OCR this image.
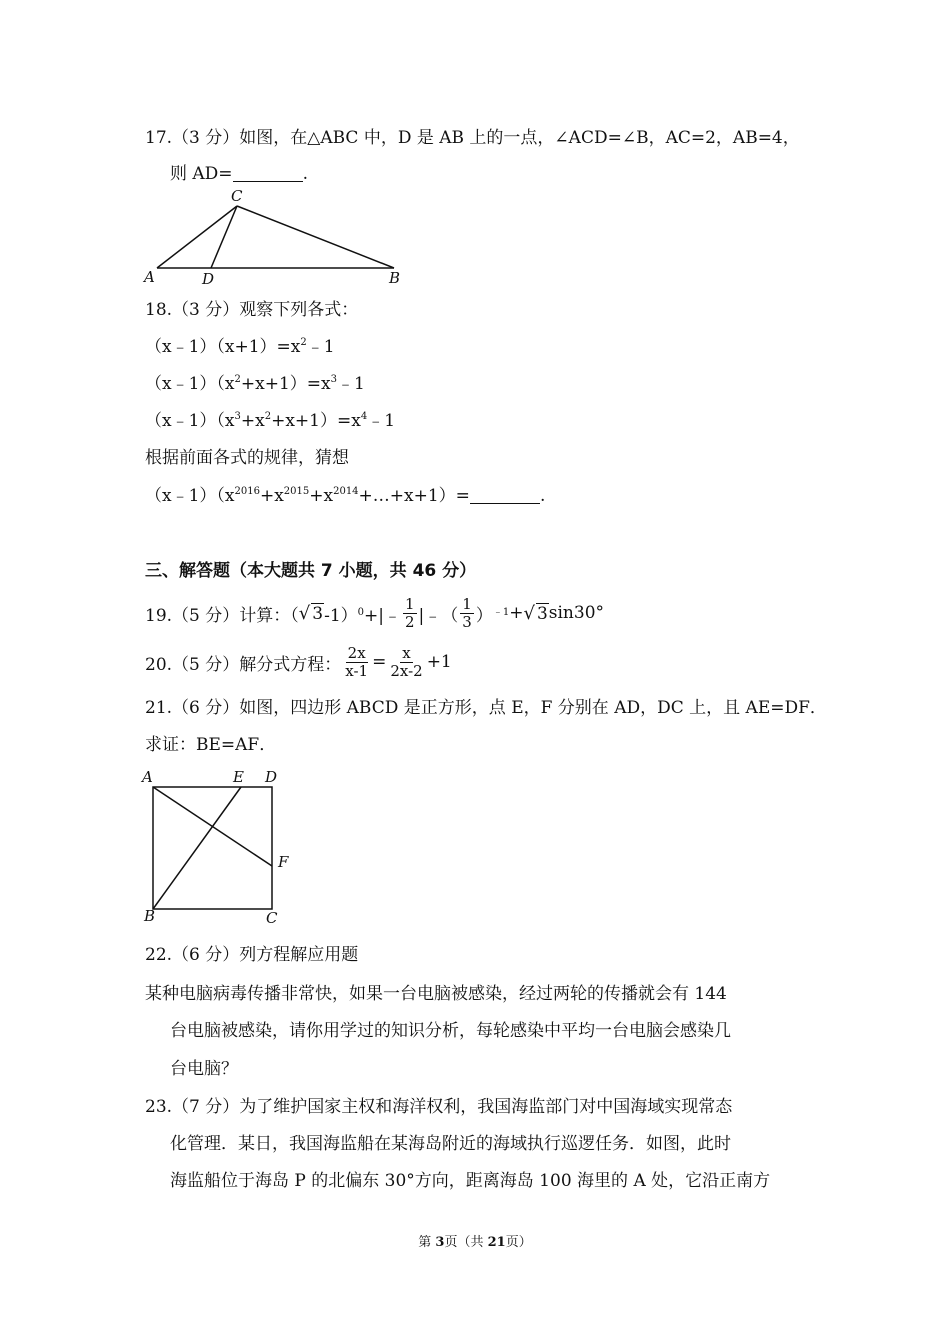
17.（3 分）如图，在△ABC 中，D 是 AB 上的一点，∠ACD=∠B，AC=2，AB=4，
则 AD=	.
C
A	D	B
18.（3 分）观察下列各式：
$(x﹣1)(x+1)=x^2﹣1$
$(x﹣1)(x^2+x+1)=x^3﹣1$
$(x﹣1)(x^3+x^2+x+1)=x^4﹣1$
根据前面各式的规律，猜想
$(x﹣1)(x^{2016}+x^{2015}+x^{2014}+\dots+x+1)=$	.
三、解答题（本大题共 7 小题，共 46 分）
19.（5 分）计算：（ √ 3 -1） 0 +|﹣ $\frac{1}{2}$ |﹣（ $\frac{1}{3}$ ） ﹣1 + √ 3 sin30°
20.（5 分）解分式方程： $\frac{2x}{x-1} = \frac{x}{2x-2} +1$
21.（6 分）如图，四边形 ABCD 是正方形，点 E，F 分别在 AD，DC 上，且 AE=DF．
求证：BE=AF．
A	E D
F
B	C
22.（6 分）列方程解应用题
某种电脑病毒传播非常快，如果一台电脑被感染，经过两轮的传播就会有 144
台电脑被感染，请你用学过的知识分析，每轮感染中平均一台电脑会感染几
台电脑？
23.（7 分）为了维护国家主权和海洋权利，我国海监部门对中国海域实现常态
化管理．某日，我国海监船在某海岛附近的海域执行巡逻任务．如图，此时
海监船位于海岛 P 的北偏东 30°方向，距离海岛 100 海里的 A 处，它沿正南方
第 3页（共 21页）
